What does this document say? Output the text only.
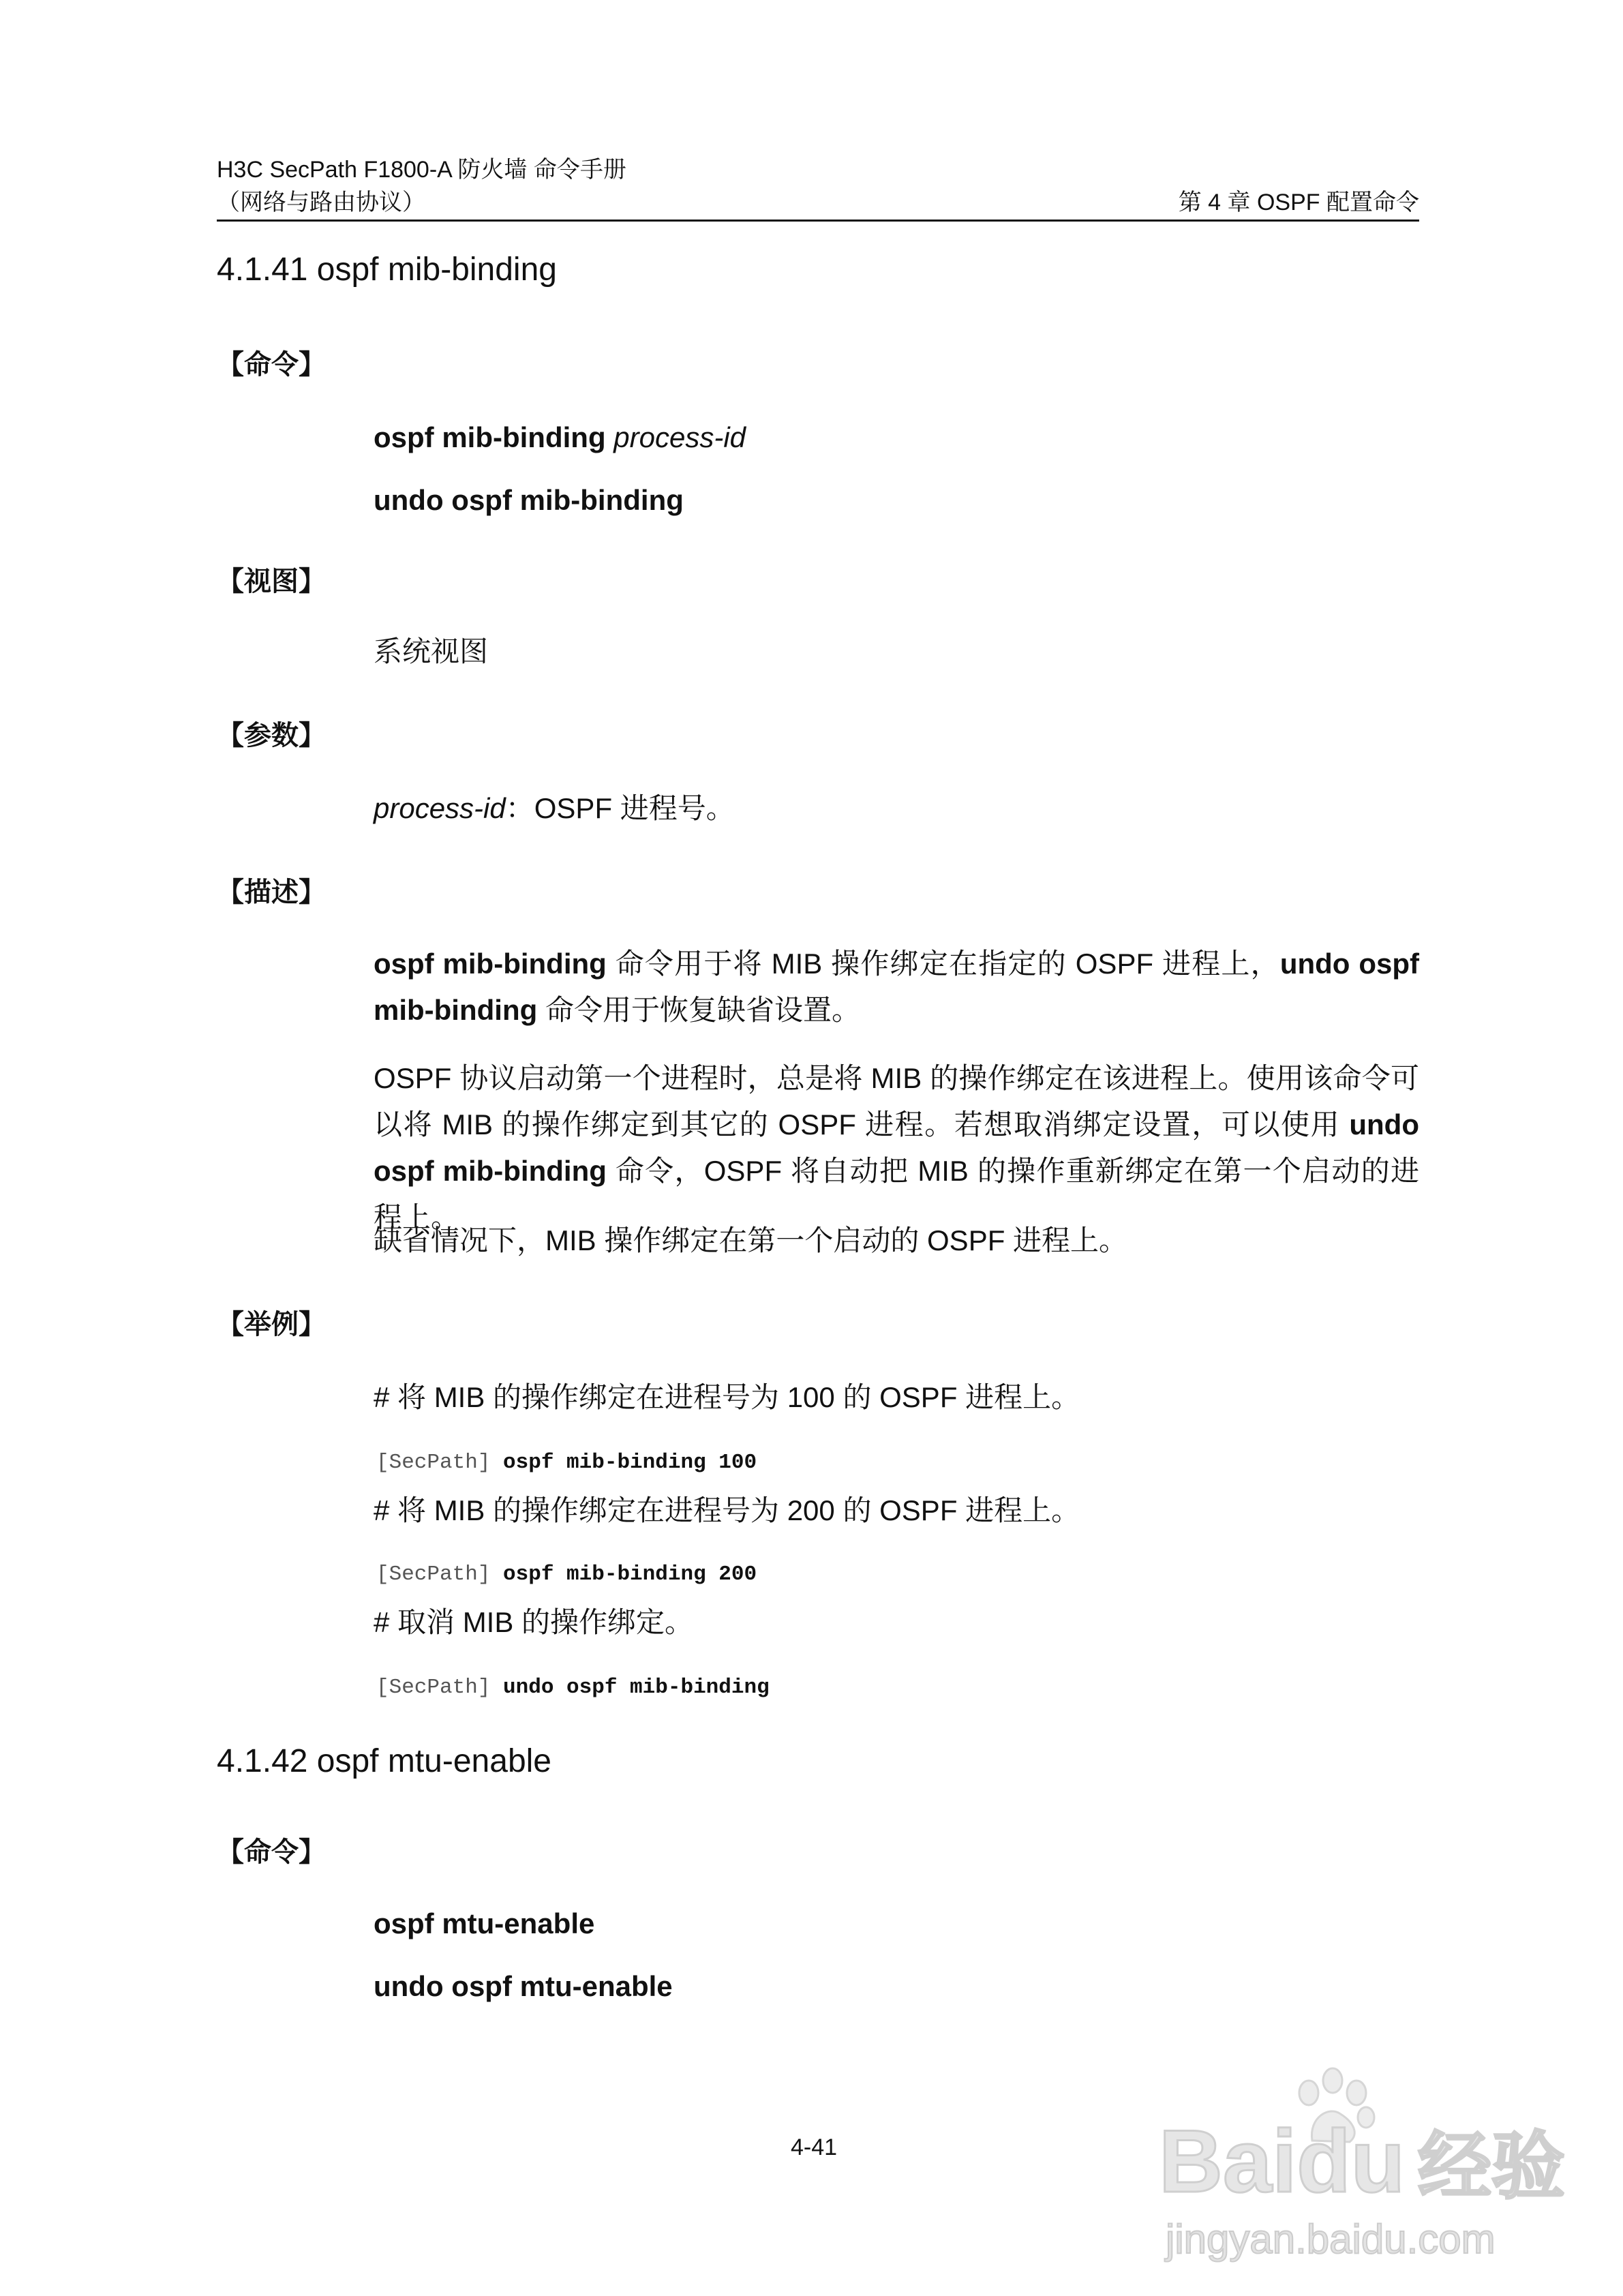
H3C SecPath F1800-A 防火墙 命令手册
（网络与路由协议）	第 4 章 OSPF 配置命令
4.1.41 ospf mib-binding
【命令】
ospf mib-binding process-id
undo ospf mib-binding
【视图】
系统视图
【参数】
process-id：OSPF 进程号。
【描述】
ospf mib-binding 命令用于将 MIB 操作绑定在指定的 OSPF 进程上，undo ospf mib-binding 命令用于恢复缺省设置。
OSPF 协议启动第一个进程时，总是将 MIB 的操作绑定在该进程上。使用该命令可以将 MIB 的操作绑定到其它的 OSPF 进程。若想取消绑定设置，可以使用 undo ospf mib-binding 命令，OSPF 将自动把 MIB 的操作重新绑定在第一个启动的进程上。
缺省情况下，MIB 操作绑定在第一个启动的 OSPF 进程上。
【举例】
# 将 MIB 的操作绑定在进程号为 100 的 OSPF 进程上。
[SecPath] ospf mib-binding 100
# 将 MIB 的操作绑定在进程号为 200 的 OSPF 进程上。
[SecPath] ospf mib-binding 200
# 取消 MIB 的操作绑定。
[SecPath] undo ospf mib-binding
4.1.42 ospf mtu-enable
【命令】
ospf mtu-enable
undo ospf mtu-enable
4-41	Baidu 经验
jingyan.baidu.com
